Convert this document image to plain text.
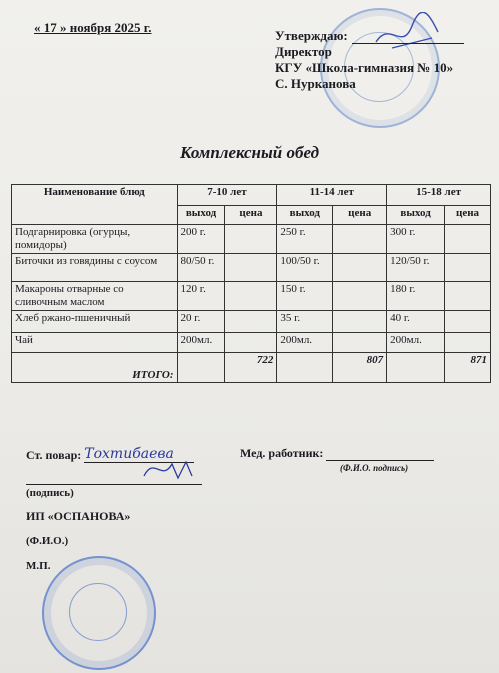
« 17 » ноября 2025 г.
Утверждаю:
Директор
КГУ «Школа-гимназия № 10»
С. Нурканова
Комплексный обед
Наименование блюд	7-10 лет		11-14 лет		15-18 лет	
	выход	цена	выход	цена	выход	цена
Подгарнировка (огурцы, помидоры)	200 г.		250 г.		300 г.	
Биточки из говядины с соусом	80/50 г.		100/50 г.		120/50 г.	
Макароны отварные со сливочным маслом	120 г.		150 г.		180 г.	
Хлеб ржано-пшеничный	20 г.		35 г.		40 г.	
Чай	200мл.		200мл.		200мл.	
ИТОГО:		722		807		871
Ст. повар: Тохтибаева	Мед. работник:
(Ф.И.О. подпись)
(подпись)
ИП «ОСПАНОВА»
(Ф.И.О.)
М.П.
